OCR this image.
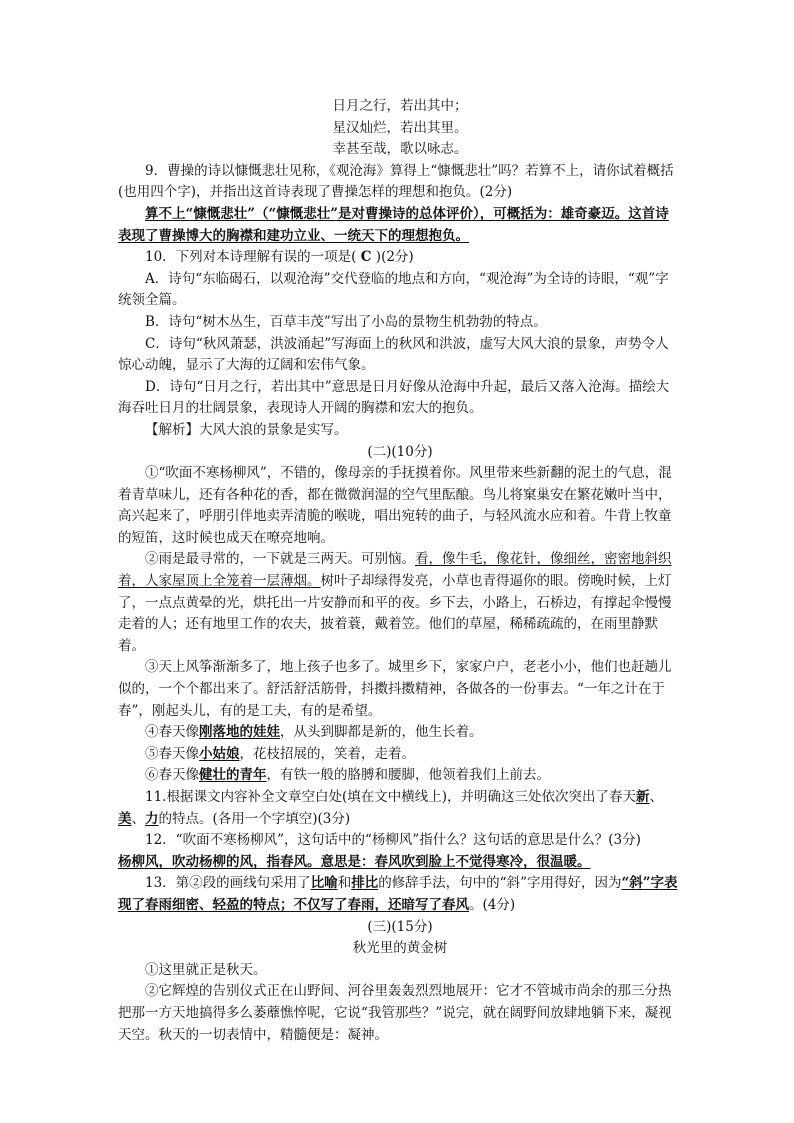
日月之行，若出其中；

星汉灿烂，若出其里。

幸甚至哉，歌以咏志。

9．曹操的诗以慷慨悲壮见称，《观沧海》算得上“慷慨悲壮”吗？若算不上，请你试着概括(也用四个字)，并指出这首诗表现了曹操怎样的理想和抱负。(2分)

算不上“慷慨悲壮”（“慷慨悲壮”是对曹操诗的总体评价），可概括为：雄奇豪迈。这首诗表现了曹操博大的胸襟和建功立业、一统天下的理想抱负。

10．下列对本诗理解有误的一项是( C )(2分)

A．诗句“东临碣石，以观沧海”交代登临的地点和方向，“观沧海”为全诗的诗眼，“观”字统领全篇。

B．诗句“树木丛生，百草丰茂”写出了小岛的景物生机勃勃的特点。

C．诗句“秋风萧瑟，洪波涌起”写海面上的秋风和洪波，虚写大风大浪的景象，声势令人惊心动魄，显示了大海的辽阔和宏伟气象。

D．诗句“日月之行，若出其中”意思是日月好像从沧海中升起，最后又落入沧海。描绘大海吞吐日月的壮阔景象，表现诗人开阔的胸襟和宏大的抱负。

【解析】大风大浪的景象是实写。

(二)(10分)

①“吹面不寒杨柳风”，不错的，像母亲的手抚摸着你。风里带来些新翻的泥土的气息，混着青草味儿，还有各种花的香，都在微微润湿的空气里酝酿。鸟儿将窠巢安在繁花嫩叶当中，高兴起来了，呼朋引伴地卖弄清脆的喉咙，唱出宛转的曲子，与轻风流水应和着。牛背上牧童的短笛，这时候也成天在嘹亮地响。

②雨是最寻常的，一下就是三两天。可别恼。看，像牛毛，像花针，像细丝，密密地斜织着，人家屋顶上全笼着一层薄烟。树叶子却绿得发亮，小草也青得逼你的眼。傍晚时候，上灯了，一点点黄晕的光，烘托出一片安静而和平的夜。乡下去，小路上，石桥边，有撑起伞慢慢走着的人；还有地里工作的农夫，披着蓑，戴着笠。他们的草屋，稀稀疏疏的，在雨里静默着。

③天上风筝渐渐多了，地上孩子也多了。城里乡下，家家户户，老老小小，他们也赶趟儿似的，一个个都出来了。舒活舒活筋骨，抖擞抖擞精神，各做各的一份事去。“一年之计在于春”，刚起头儿，有的是工夫，有的是希望。

④春天像刚落地的娃娃，从头到脚都是新的，他生长着。

⑤春天像小姑娘，花枝招展的，笑着，走着。

⑥春天像健壮的青年，有铁一般的胳膊和腰脚，他领着我们上前去。

11.根据课文内容补全文章空白处(填在文中横线上)，并明确这三处依次突出了春天新、美、力的特点。(各用一个字填空)(3分)

12．“吹面不寒杨柳风”，这句话中的“杨柳风”指什么？这句话的意思是什么？(3分)

杨柳风，吹动杨柳的风，指春风。意思是：春风吹到脸上不觉得寒冷，很温暖。

13．第②段的画线句采用了比喻和排比的修辞手法，句中的“斜”字用得好，因为“斜”字表现了春雨细密、轻盈的特点；不仅写了春雨，还暗写了春风。(4分)

(三)(15分)

秋光里的黄金树

①这里就正是秋天。

②它辉煌的告别仪式正在山野间、河谷里轰轰烈烈地展开：它才不管城市尚余的那三分热把那一方天地搞得多么萎蘼憔悴呢，它说“我管那些？”说完，就在阔野间放肆地躺下来，凝视天空。秋天的一切表情中，精髓便是：凝神。
